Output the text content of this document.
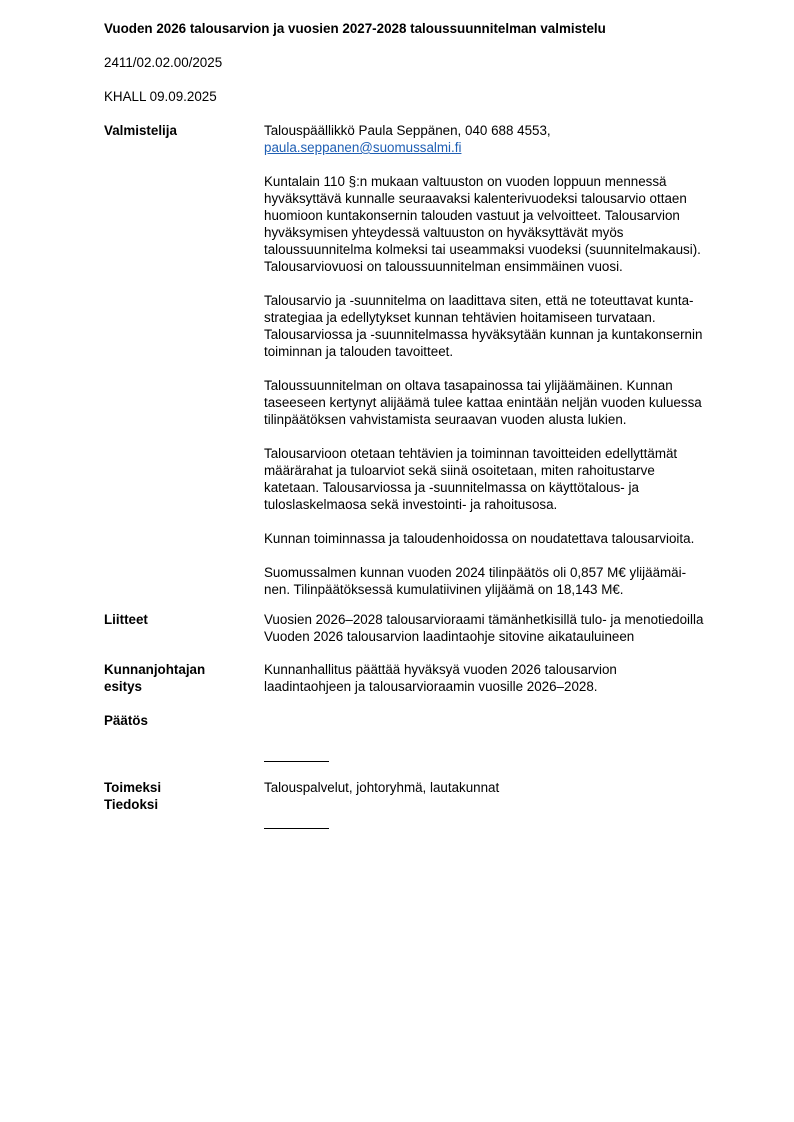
Vuoden 2026 talousarvion ja vuosien 2027-2028 taloussuunnitelman valmistelu
2411/02.02.00/2025
KHALL 09.09.2025
Valmistelija	Talouspäällikkö Paula Seppänen, 040 688 4553,
paula.seppanen@suomussalmi.fi

Kuntalain 110 §:n mukaan valtuuston on vuoden loppuun mennessä
hyväksyttävä kunnalle seuraavaksi kalenterivuodeksi talousarvio ottaen
huomioon kuntakonsernin talouden vastuut ja velvoitteet. Talousarvion
hyväksymisen yhteydessä valtuuston on hyväksyttävät myös
taloussuunnitelma kolmeksi tai useammaksi vuodeksi (suunnitelmakausi).
Talousarviovuosi on taloussuunnitelman ensimmäinen vuosi.

Talousarvio ja -suunnitelma on laadittava siten, että ne toteuttavat kunta-
strategiaa ja edellytykset kunnan tehtävien hoitamiseen turvataan.
Talousarviossa ja -suunnitelmassa hyväksytään kunnan ja kuntakonsernin
toiminnan ja talouden tavoitteet.

Taloussuunnitelman on oltava tasapainossa tai ylijäämäinen. Kunnan
taseeseen kertynyt alijäämä tulee kattaa enintään neljän vuoden kuluessa
tilinpäätöksen vahvistamista seuraavan vuoden alusta lukien.

Talousarvioon otetaan tehtävien ja toiminnan tavoitteiden edellyttämät
määrärahat ja tuloarviot sekä siinä osoitetaan, miten rahoitustarve
katetaan. Talousarviossa ja -suunnitelmassa on käyttötalous- ja
tuloslaskelmaosa sekä investointi- ja rahoitusosa.

Kunnan toiminnassa ja taloudenhoidossa on noudatettava talousarvioita.

Suomussalmen kunnan vuoden 2024 tilinpäätös oli 0,857 M€ ylijäämäi-
nen. Tilinpäätöksessä kumulatiivinen ylijäämä on 18,143 M€.

Liitteet	Vuosien 2026–2028 talousarvioraami tämänhetkisillä tulo- ja menotiedoilla
Vuoden 2026 talousarvion laadintaohje sitovine aikatauluineen
Kunnanjohtajan
esitys
Kunnanhallitus päättää hyväksyä vuoden 2026 talousarvion
laadintaohjeen ja talousarvioraamin vuosille 2026–2028.
Päätös
Toimeksi
Tiedoksi
Talouspalvelut, johtoryhmä, lautakunnat
